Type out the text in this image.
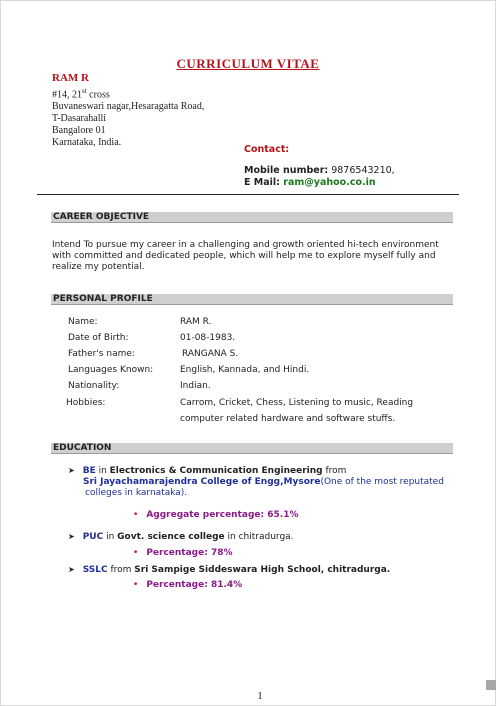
CURRICULUM VITAE
RAM R
#14, 21st cross
Buvaneswari nagar,Hesaragatta Road,
T-Dasarahalli
Bangalore 01
Karnataka, India.
Contact:
Mobile number: 9876543210,
E Mail: ram@yahoo.co.in
CAREER OBJECTIVE
Intend To pursue my career in a challenging and growth oriented hi-tech environment with committed and dedicated people, which will help me to explore myself fully and realize my potential.
PERSONAL PROFILE
Name:	RAM R.
Date of Birth:	01-08-1983.
Father's name:	RANGANA S.
Languages Known:	English, Kannada, and Hindi.
Nationality:	Indian.
Hobbies:	Carrom, Cricket, Chess, Listening to music, Reading
computer related hardware and software stuffs.
EDUCATION
➤ BE in Electronics & Communication Engineering from
Sri Jayachamarajendra College of Engg,Mysore(One of the most reputated
colleges in karnataka).
• Aggregate percentage: 65.1%
➤ PUC in Govt. science college in chitradurga.
• Percentage: 78%
➤ SSLC from Sri Sampige Siddeswara High School, chitradurga.
• Percentage: 81.4%
1
